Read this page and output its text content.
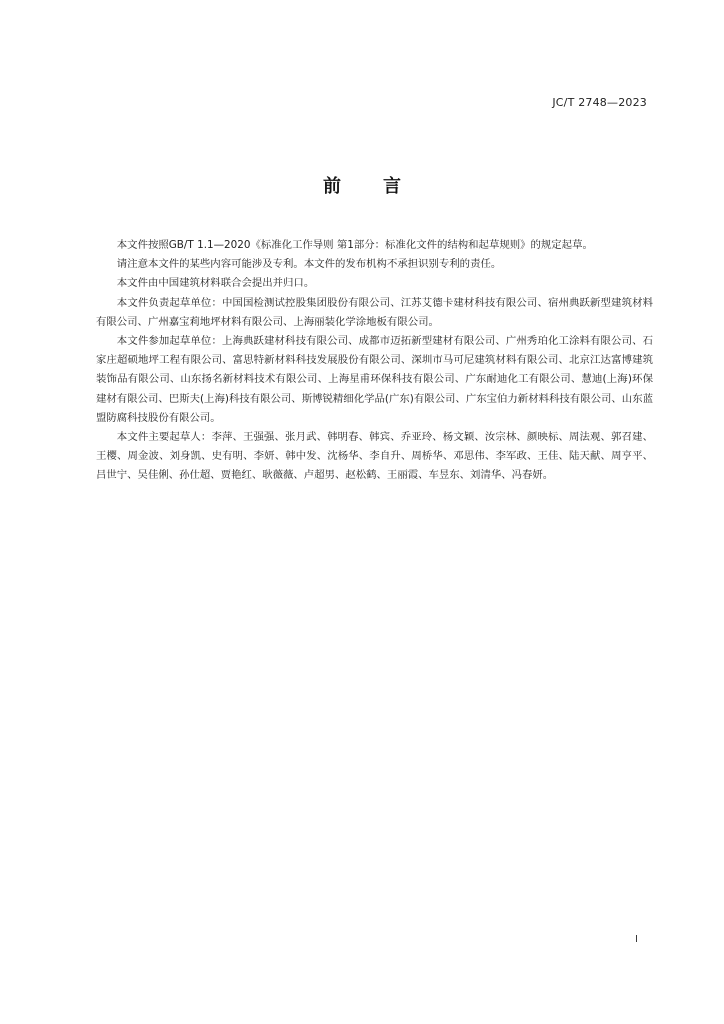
JC/T 2748—2023
前言

本文件按照GB/T 1.1—2020《标准化工作导则 第1部分：标准化文件的结构和起草规则》的规定起草。

请注意本文件的某些内容可能涉及专利。本文件的发布机构不承担识别专利的责任。

本文件由中国建筑材料联合会提出并归口。

本文件负责起草单位：中国国检测试控股集团股份有限公司、江苏艾德卡建材科技有限公司、宿州典跃新型建筑材料有限公司、广州嘉宝莉地坪材料有限公司、上海丽装化学涂地板有限公司。

本文件参加起草单位：上海典跃建材科技有限公司、成都市迈拓新型建材有限公司、广州秀珀化工涂料有限公司、石家庄超硕地坪工程有限公司、富思特新材料科技发展股份有限公司、深圳市马可尼建筑材料有限公司、北京江达富博建筑装饰品有限公司、山东扬名新材料技术有限公司、上海星甫环保科技有限公司、广东耐迪化工有限公司、慧迪(上海)环保建材有限公司、巴斯夫(上海)科技有限公司、斯博锐精细化学品(广东)有限公司、广东宝伯力新材料科技有限公司、山东蓝盟防腐科技股份有限公司。

本文件主要起草人：李萍、王强强、张月武、韩明春、韩宾、乔亚玲、杨文颖、汝宗林、颜映标、周法观、郭召建、王樱、周金波、刘身凯、史有明、李妍、韩中发、沈杨华、李自升、周桥华、邓思伟、李军政、王佳、陆天献、周亨平、吕世宁、吴佳俐、孙仕超、贾艳红、耿薇薇、卢超男、赵松鹤、王丽霞、车昱东、刘清华、冯春妍。

I
